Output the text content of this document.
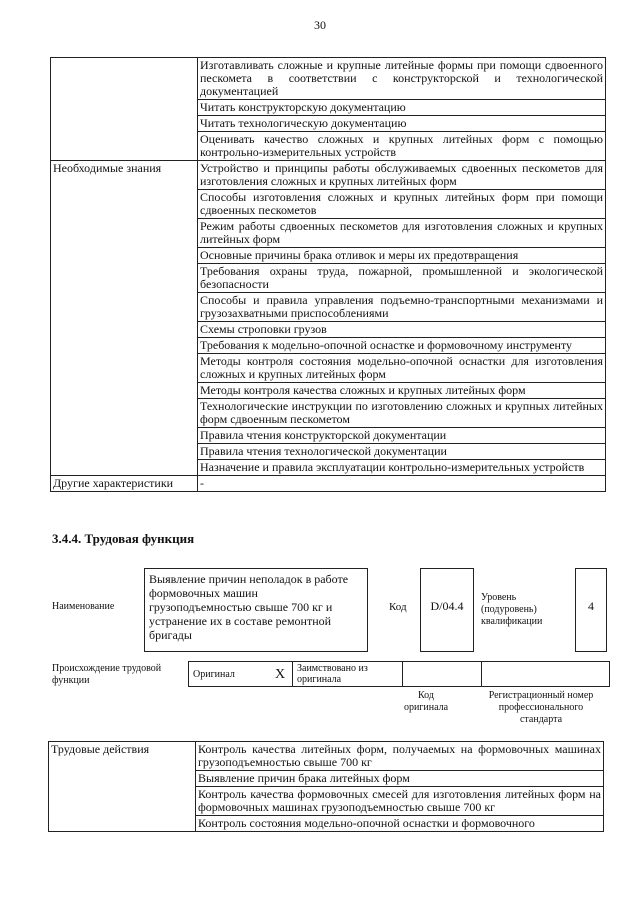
30
	Изготавливать сложные и крупные литейные формы при помощи сдвоенного пескомета в соответствии с конструкторской и технологической документацией
	Читать конструкторскую документацию
	Читать технологическую документацию
	Оценивать качество сложных и крупных литейных форм с помощью контрольно-измерительных устройств
Необходимые знания	Устройство и принципы работы обслуживаемых сдвоенных пескометов для изготовления сложных и крупных литейных форм
	Способы изготовления сложных и крупных литейных форм при помощи сдвоенных пескометов
	Режим работы сдвоенных пескометов для изготовления сложных и крупных литейных форм
	Основные причины брака отливок и меры их предотвращения
	Требования охраны труда, пожарной, промышленной и экологической безопасности
	Способы и правила управления подъемно-транспортными механизмами и грузозахватными приспособлениями
	Схемы строповки грузов
	Требования к модельно-опочной оснастке и формовочному инструменту
	Методы контроля состояния модельно-опочной оснастки для изготовления сложных и крупных литейных форм
	Методы контроля качества сложных и крупных литейных форм
	Технологические инструкции по изготовлению сложных и крупных литейных форм сдвоенным пескометом
	Правила чтения конструкторской документации
	Правила чтения технологической документации
	Назначение и правила эксплуатации контрольно-измерительных устройств
Другие характеристики	-
3.4.4. Трудовая функция
Наименование
Выявление причин неполадок в работе формовочных машин грузоподъемностью свыше 700 кг и устранение их в составе ремонтной бригады
Код	D/04.4
Уровень (подуровень) квалификации
4
Происхождение трудовой функции
Оригинал	X	Заимствовано из оригинала		
Код оригинала
Регистрационный номер профессионального стандарта
Трудовые действия	Контроль качества литейных форм, получаемых на формовочных машинах грузоподъемностью свыше 700 кг
Выявление причин брака литейных форм
Контроль качества формовочных смесей для изготовления литейных форм на формовочных машинах грузоподъемностью свыше 700 кг
Контроль состояния модельно-опочной оснастки и формовочного
